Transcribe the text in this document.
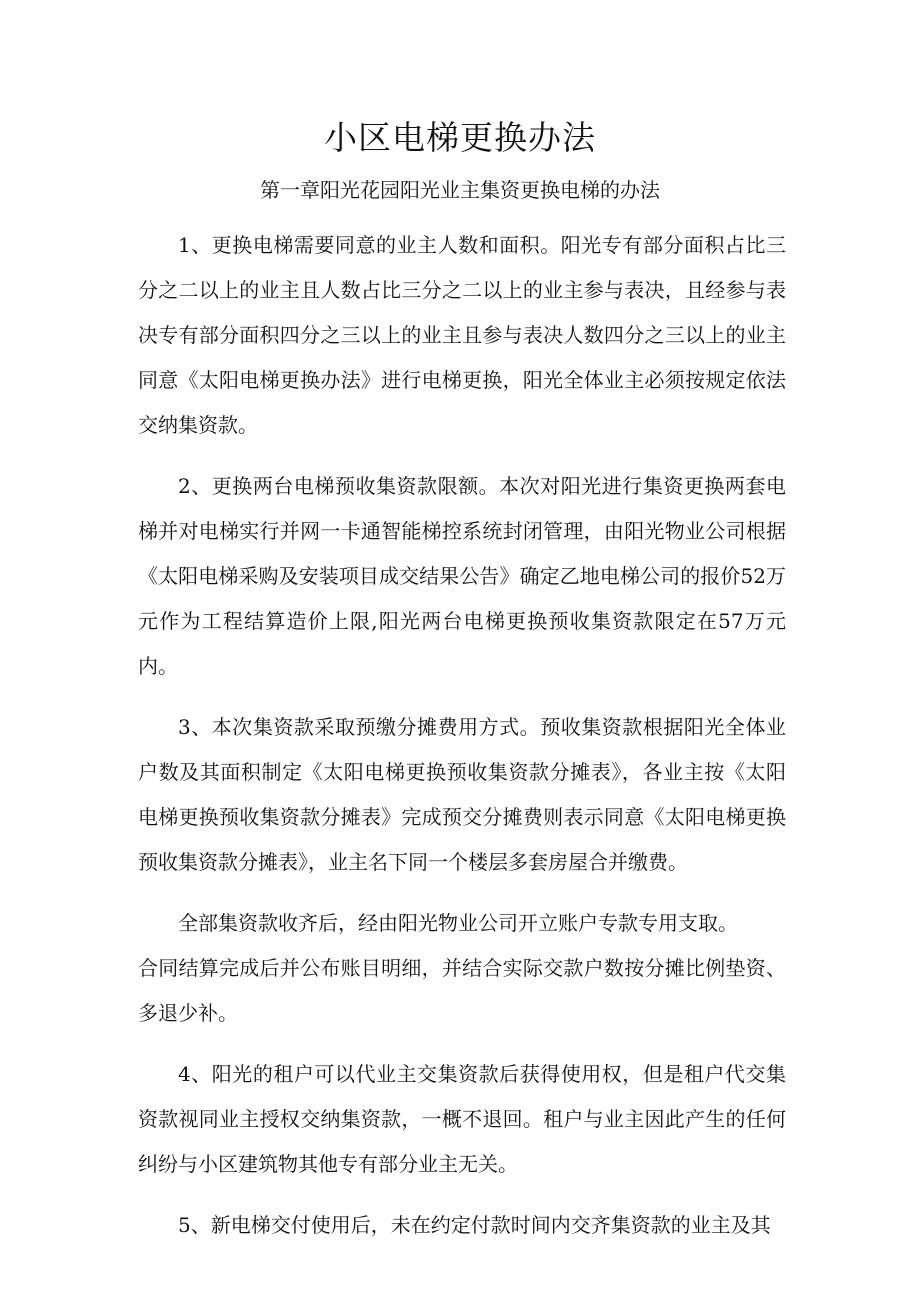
小区电梯更换办法

第一章阳光花园阳光业主集资更换电梯的办法

1、更换电梯需要同意的业主人数和面积。阳光专有部分面积占比三分之二以上的业主且人数占比三分之二以上的业主参与表决，且经参与表决专有部分面积四分之三以上的业主且参与表决人数四分之三以上的业主同意《太阳电梯更换办法》进行电梯更换，阳光全体业主必须按规定依法交纳集资款。

2、更换两台电梯预收集资款限额。本次对阳光进行集资更换两套电梯并对电梯实行并网一卡通智能梯控系统封闭管理，由阳光物业公司根据《太阳电梯采购及安装项目成交结果公告》确定乙地电梯公司的报价52万元作为工程结算造价上限,阳光两台电梯更换预收集资款限定在57万元内。

3、本次集资款采取预缴分摊费用方式。预收集资款根据阳光全体业户数及其面积制定《太阳电梯更换预收集资款分摊表》，各业主按《太阳电梯更换预收集资款分摊表》完成预交分摊费则表示同意《太阳电梯更换预收集资款分摊表》，业主名下同一个楼层多套房屋合并缴费。

全部集资款收齐后，经由阳光物业公司开立账户专款专用支取。

合同结算完成后并公布账目明细，并结合实际交款户数按分摊比例垫资、多退少补。

4、阳光的租户可以代业主交集资款后获得使用权，但是租户代交集资款视同业主授权交纳集资款，一概不退回。租户与业主因此产生的任何纠纷与小区建筑物其他专有部分业主无关。

5、新电梯交付使用后，未在约定付款时间内交齐集资款的业主及其
